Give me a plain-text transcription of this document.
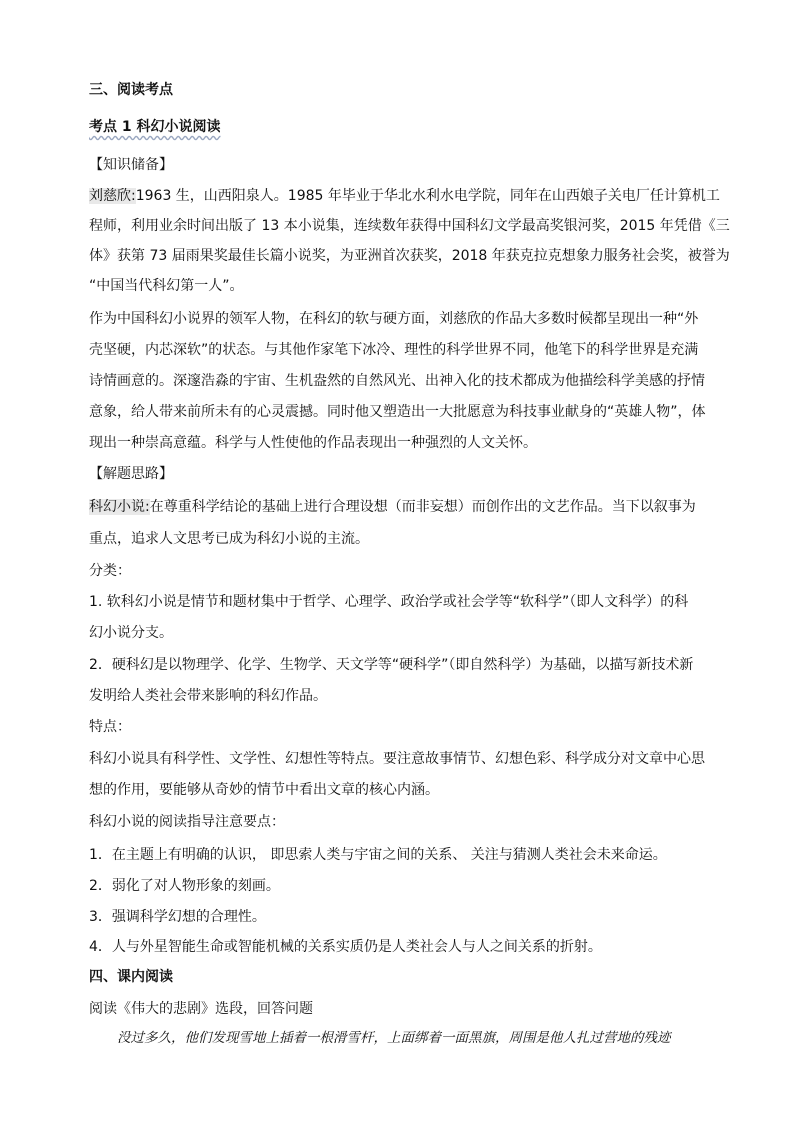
三、阅读考点
考点 1 科幻小说阅读
【知识储备】
刘慈欣:1963 生，山西阳泉人。1985 年毕业于华北水利水电学院，同年在山西娘子关电厂任计算机工
程师，利用业余时间出版了 13 本小说集，连续数年获得中国科幻文学最高奖银河奖，2015 年凭借《三
体》获第 73 届雨果奖最佳长篇小说奖，为亚洲首次获奖，2018 年获克拉克想象力服务社会奖，被誉为
“中国当代科幻第一人”。
作为中国科幻小说界的领军人物，在科幻的软与硬方面，刘慈欣的作品大多数时候都呈现出一种“外
壳坚硬，内芯深软”的状态。与其他作家笔下冰冷、理性的科学世界不同，他笔下的科学世界是充满
诗情画意的。深邃浩淼的宇宙、生机盎然的自然风光、出神入化的技术都成为他描绘科学美感的抒情
意象，给人带来前所未有的心灵震撼。同时他又塑造出一大批愿意为科技事业献身的“英雄人物”，体
现出一种崇高意蕴。科学与人性使他的作品表现出一种强烈的人文关怀。
【解题思路】
科幻小说:在尊重科学结论的基础上进行合理设想（而非妄想）而创作出的文艺作品。当下以叙事为
重点，追求人文思考已成为科幻小说的主流。
分类：
1. 软科幻小说是情节和题材集中于哲学、心理学、政治学或社会学等“软科学”（即人文科学）的科
幻小说分支。
2．硬科幻是以物理学、化学、生物学、天文学等“硬科学”（即自然科学）为基础，以描写新技术新
发明给人类社会带来影响的科幻作品。
特点：
科幻小说具有科学性、文学性、幻想性等特点。要注意故事情节、幻想色彩、科学成分对文章中心思
想的作用，要能够从奇妙的情节中看出文章的核心内涵。
科幻小说的阅读指导注意要点：
1．在主题上有明确的认识， 即思索人类与宇宙之间的关系、 关注与猜测人类社会未来命运。
2．弱化了对人物形象的刻画。
3．强调科学幻想的合理性。
4．人与外星智能生命或智能机械的关系实质仍是人类社会人与人之间关系的折射。
四、课内阅读
阅读《伟大的悲剧》选段，回答问题
没过多久，他们发现雪地上插着一根滑雪杆，上面绑着一面黑旗，周围是他人扎过营地的残迹
